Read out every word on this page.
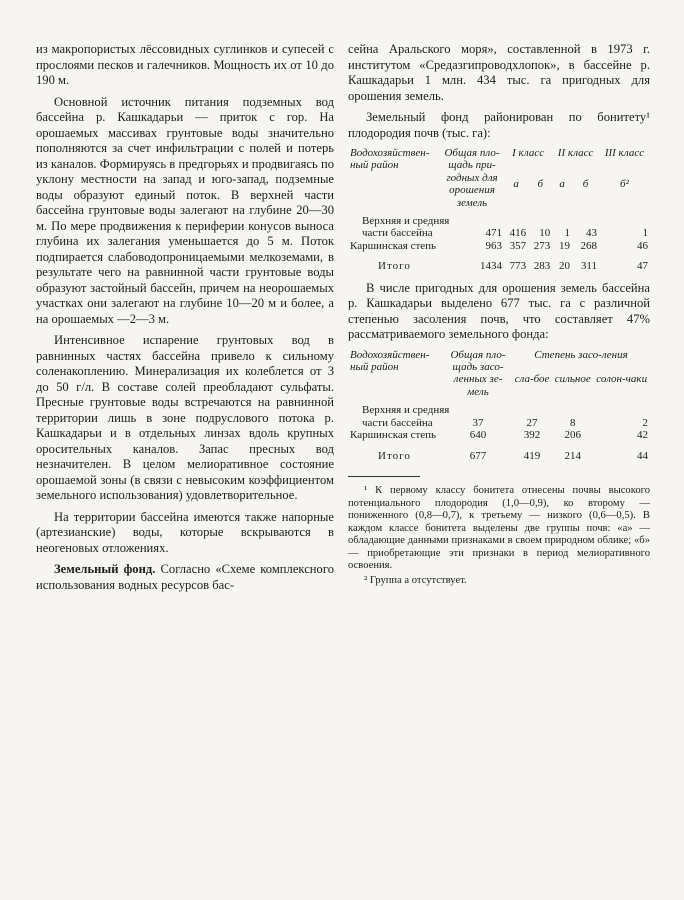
из макропористых лёссовидных суглинков и супесей с прослоями песков и галечников. Мощность их от 10 до 190 м.

Основной источник питания подземных вод бассейна р. Кашкадарьи — приток с гор. На орошаемых массивах грунтовые воды значительно пополняются за счет инфильтрации с полей и потерь из каналов. Формируясь в предгорьях и продвигаясь по уклону местности на запад и юго-запад, подземные воды образуют единый поток. В верхней части бассейна грунтовые воды залегают на глубине 20—30 м. По мере продвижения к периферии конусов выноса глубина их залегания уменьшается до 5 м. Поток подпирается слабоводопроницаемыми мелкоземами, в результате чего на равнинной части грунтовые воды образуют застойный бассейн, причем на неорошаемых участках они залегают на глубине 10—20 м и более, а на орошаемых —2—3 м.

Интенсивное испарение грунтовых вод в равнинных частях бассейна привело к сильному соленакоплению. Минерализация их колеблется от 3 до 50 г/л. В составе солей преобладают сульфаты. Пресные грунтовые воды встречаются на равнинной территории лишь в зоне подруслового потока р. Кашкадарьи и в отдельных линзах вдоль крупных оросительных каналов. Запас пресных вод незначителен. В целом мелиоративное состояние орошаемой зоны (в связи с невысоким коэффициентом земельного использования) удовлетворительное.

На территории бассейна имеются также напорные (артезианские) воды, которые вскрываются в неогеновых отложениях.

Земельный фонд. Согласно «Схеме комплексного использования водных ресурсов бас-

сейна Аральского моря», составленной в 1973 г. институтом «Средазгипроводхлопок», в бассейне р. Кашкадарьи 1 млн. 434 тыс. га пригодных для орошения земель.

Земельный фонд районирован по бонитету¹ плодородия почв (тыс. га):

Водохозяйствен-ный район	Общая пло-щадь при-годных для орошения земель	I класс		II класс		III класс
		а	б	а	б	б²
Верхняя и средняя						
части бассейна	471	416	10	1	43	1
Каршинская степь	963	357	273	19	268	46
Итого	1434	773	283	20	311	47

В числе пригодных для орошения земель бассейна р. Кашкадарьи выделено 677 тыс. га с различной степенью засоления почв, что составляет 47% рассматриваемого земельного фонда:

Водохозяйствен-ный район	Общая пло-щадь засо-ленных зе-мель	Степень засо-ления		
		сла-бое	сильное	солон-чаки
Верхняя и средняя				
части бассейна	37	27	8	2
Каршинская степь	640	392	206	42
Итого	677	419	214	44

¹ К первому классу бонитета отнесены почвы высокого потенциального плодородия (1,0—0,9), ко второму — пониженного (0,8—0,7), к третьему — низкого (0,6—0,5). В каждом классе бонитета выделены две группы почв: «а» — обладающие данными признаками в своем природном облике; «б» — приобретающие эти признаки в период мелиоративного освоения.

² Группа а отсутствует.
